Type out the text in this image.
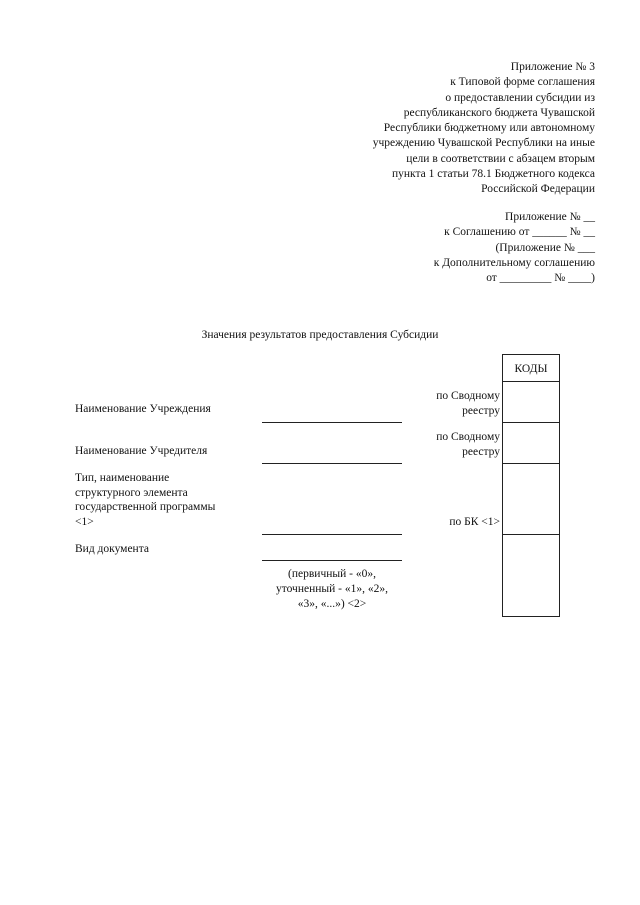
Приложение № 3
к Типовой форме соглашения
о предоставлении субсидии из
республиканского бюджета Чувашской
Республики бюджетному или автономному
учреждению Чувашской Республики на иные
цели в соответствии с абзацем вторым
пункта 1 статьи 78.1 Бюджетного кодекса
Российской Федерации
Приложение № __
к Соглашению от ______ № __
(Приложение № ___
к Дополнительному соглашению
от _________ № ____)
Значения результатов предоставления Субсидии
Наименование Учреждения
Наименование Учредителя
Тип, наименование
структурного элемента
государственной программы
<1>
Вид документа
(первичный - «0»,
уточненный - «1», «2»,
«3», «...») <2>
по Сводному
реестру
по Сводному
реестру
по БК <1>
КОДЫ
